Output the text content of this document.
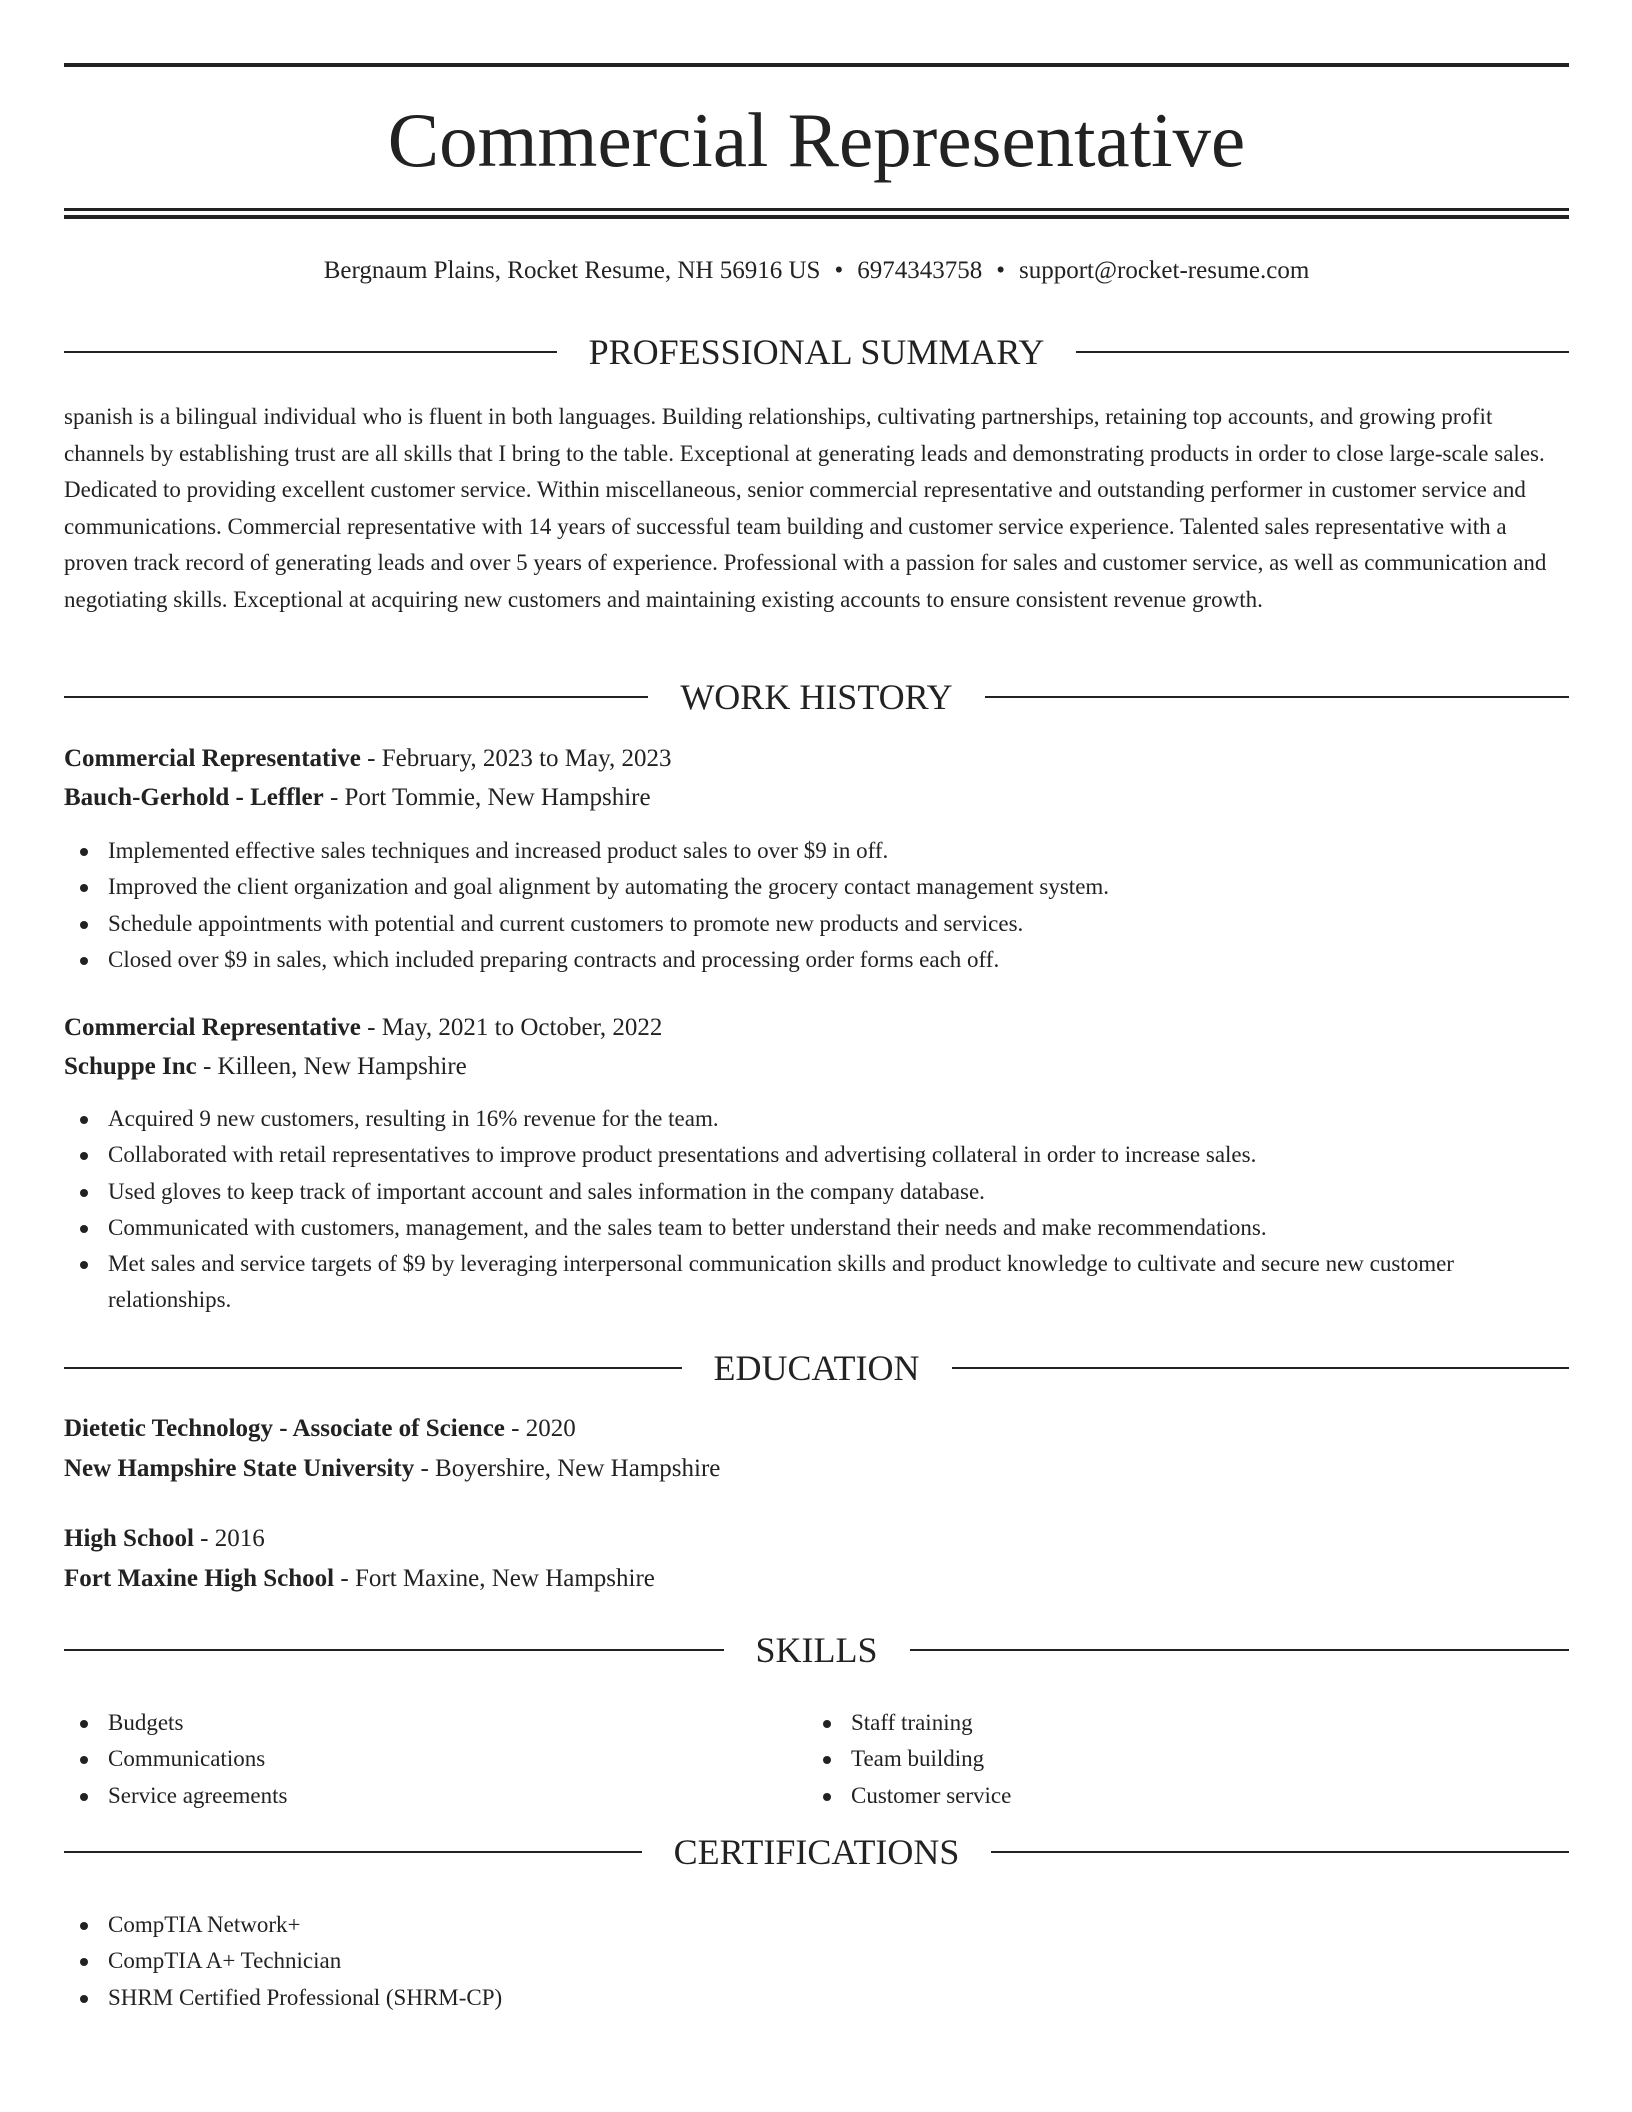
Commercial Representative
Bergnaum Plains, Rocket Resume, NH 56916 US • 6974343758 • support@rocket-resume.com
PROFESSIONAL SUMMARY

spanish is a bilingual individual who is fluent in both languages. Building relationships, cultivating partnerships, retaining top accounts, and growing profit channels by establishing trust are all skills that I bring to the table. Exceptional at generating leads and demonstrating products in order to close large-scale sales. Dedicated to providing excellent customer service. Within miscellaneous, senior commercial representative and outstanding performer in customer service and communications. Commercial representative with 14 years of successful team building and customer service experience. Talented sales representative with a proven track record of generating leads and over 5 years of experience. Professional with a passion for sales and customer service, as well as communication and negotiating skills. Exceptional at acquiring new customers and maintaining existing accounts to ensure consistent revenue growth.

WORK HISTORY
Commercial Representative - February, 2023 to May, 2023
Bauch-Gerhold - Leffler - Port Tommie, New Hampshire
Implemented effective sales techniques and increased product sales to over $9 in off.
Improved the client organization and goal alignment by automating the grocery contact management system.
Schedule appointments with potential and current customers to promote new products and services.
Closed over $9 in sales, which included preparing contracts and processing order forms each off.
Commercial Representative - May, 2021 to October, 2022
Schuppe Inc - Killeen, New Hampshire
Acquired 9 new customers, resulting in 16% revenue for the team.
Collaborated with retail representatives to improve product presentations and advertising collateral in order to increase sales.
Used gloves to keep track of important account and sales information in the company database.
Communicated with customers, management, and the sales team to better understand their needs and make recommendations.
Met sales and service targets of $9 by leveraging interpersonal communication skills and product knowledge to cultivate and secure new customer relationships.
EDUCATION
Dietetic Technology - Associate of Science - 2020
New Hampshire State University - Boyershire, New Hampshire
High School - 2016
Fort Maxine High School - Fort Maxine, New Hampshire
SKILLS
Budgets
Communications
Service agreements
Staff training
Team building
Customer service
CERTIFICATIONS
CompTIA Network+
CompTIA A+ Technician
SHRM Certified Professional (SHRM-CP)
